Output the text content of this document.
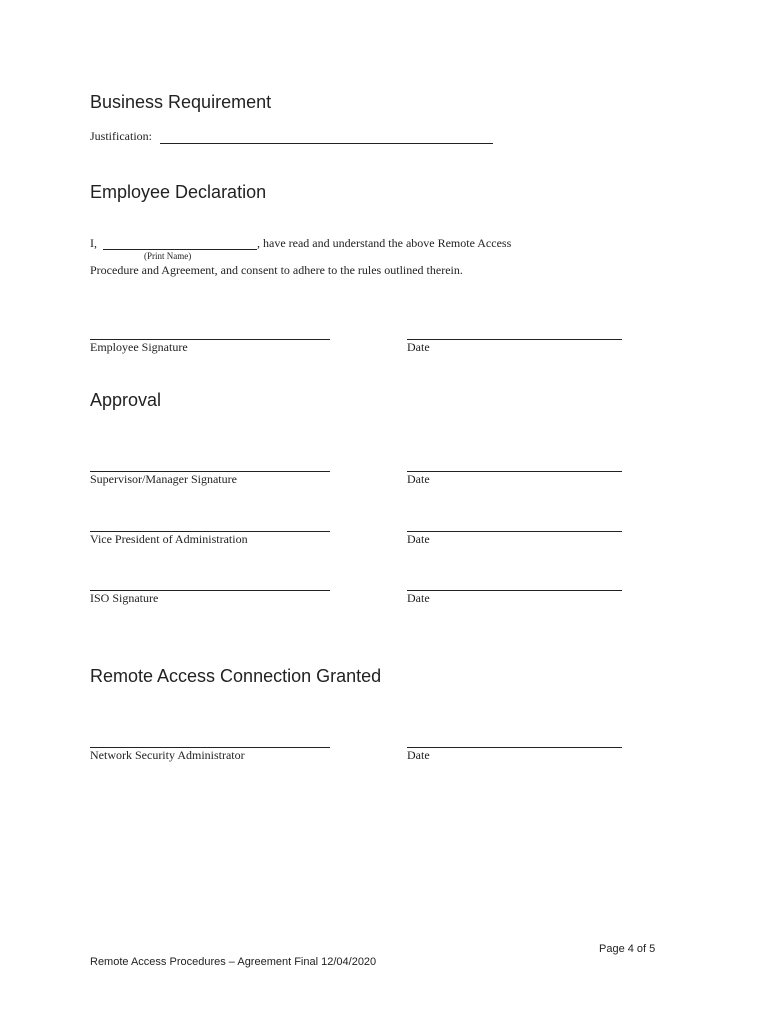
Business Requirement
Justification:
Employee Declaration
I,	, have read and understand the above Remote Access
(Print Name)
Procedure and Agreement, and consent to adhere to the rules outlined therein.
Employee Signature	Date
Approval
Supervisor/Manager Signature	Date
Vice President of Administration	Date
ISO Signature	Date
Remote Access Connection Granted
Network Security Administrator	Date
Page 4 of 5
Remote Access Procedures – Agreement Final 12/04/2020
